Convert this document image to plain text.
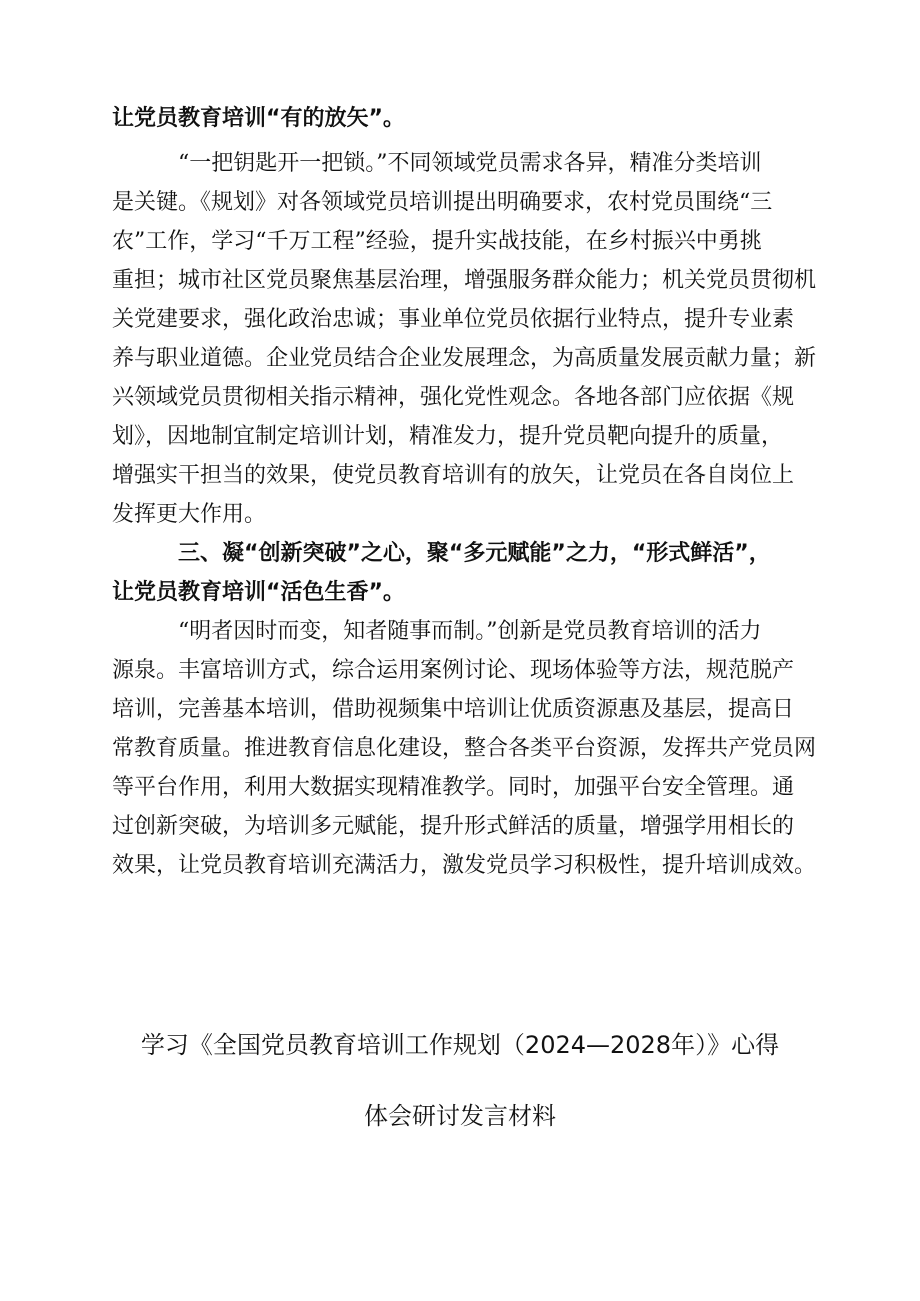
让党员教育培训“有的放矢”。
“一把钥匙开一把锁。”不同领域党员需求各异，精准分类培训
是关键。《规划》对各领域党员培训提出明确要求，农村党员围绕“三
农”工作，学习“千万工程”经验，提升实战技能，在乡村振兴中勇挑
重担；城市社区党员聚焦基层治理，增强服务群众能力；机关党员贯彻机
关党建要求，强化政治忠诚；事业单位党员依据行业特点，提升专业素
养与职业道德。企业党员结合企业发展理念，为高质量发展贡献力量；新
兴领域党员贯彻相关指示精神，强化党性观念。各地各部门应依据《规
划》，因地制宜制定培训计划，精准发力，提升党员靶向提升的质量，
增强实干担当的效果，使党员教育培训有的放矢，让党员在各自岗位上
发挥更大作用。
三、凝“创新突破”之心，聚“多元赋能”之力，“形式鲜活”，
让党员教育培训“活色生香”。
“明者因时而变，知者随事而制。”创新是党员教育培训的活力
源泉。丰富培训方式，综合运用案例讨论、现场体验等方法，规范脱产
培训，完善基本培训，借助视频集中培训让优质资源惠及基层，提高日
常教育质量。推进教育信息化建设，整合各类平台资源，发挥共产党员网
等平台作用，利用大数据实现精准教学。同时，加强平台安全管理。通
过创新突破，为培训多元赋能，提升形式鲜活的质量，增强学用相长的
效果，让党员教育培训充满活力，激发党员学习积极性，提升培训成效。
学习《全国党员教育培训工作规划（2024—2028年）》心得
体会研讨发言材料
